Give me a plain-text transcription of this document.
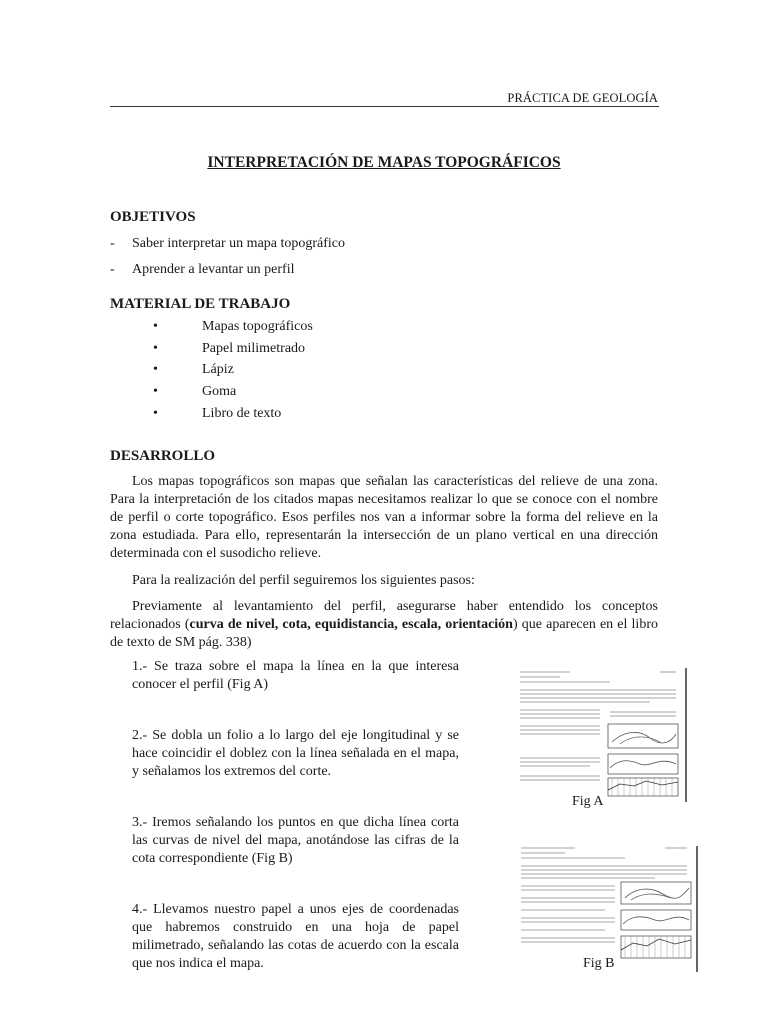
PRÁCTICA DE GEOLOGÍA
INTERPRETACIÓN DE MAPAS TOPOGRÁFICOS
OBJETIVOS
- Saber interpretar un mapa topográfico
- Aprender a levantar un perfil
MATERIAL DE TRABAJO
•	Mapas topográficos
•	Papel milimetrado
•	Lápiz
•	Goma
•	Libro de texto
DESARROLLO
Los mapas topográficos son mapas que señalan las características del relieve de una zona. Para la interpretación de los citados mapas necesitamos realizar lo que se conoce con el nombre de perfil o corte topográfico. Esos perfiles nos van a informar sobre la forma del relieve en la zona estudiada. Para ello, representarán la intersección de un plano vertical en una dirección determinada con el susodicho relieve.
Para la realización del perfil seguiremos los siguientes pasos:
Previamente al levantamiento del perfil, asegurarse haber entendido los conceptos relacionados (curva de nivel, cota, equidistancia, escala, orientación) que aparecen en el libro de texto de SM pág. 338)
1.- Se traza sobre el mapa la línea en la que interesa conocer el perfil (Fig A)
2.- Se dobla un folio a lo largo del eje longitudinal y se hace coincidir el doblez con la línea señalada en el mapa, y señalamos los extremos del corte.
3.- Iremos señalando los puntos en que dicha línea corta las curvas de nivel del mapa, anotándose las cifras de la cota correspondiente (Fig B)
4.- Llevamos nuestro papel a unos ejes de coordenadas que habremos construido en una hoja de papel milimetrado, señalando las cotas de acuerdo con la escala que nos indica el mapa.
Fig A
Fig B
